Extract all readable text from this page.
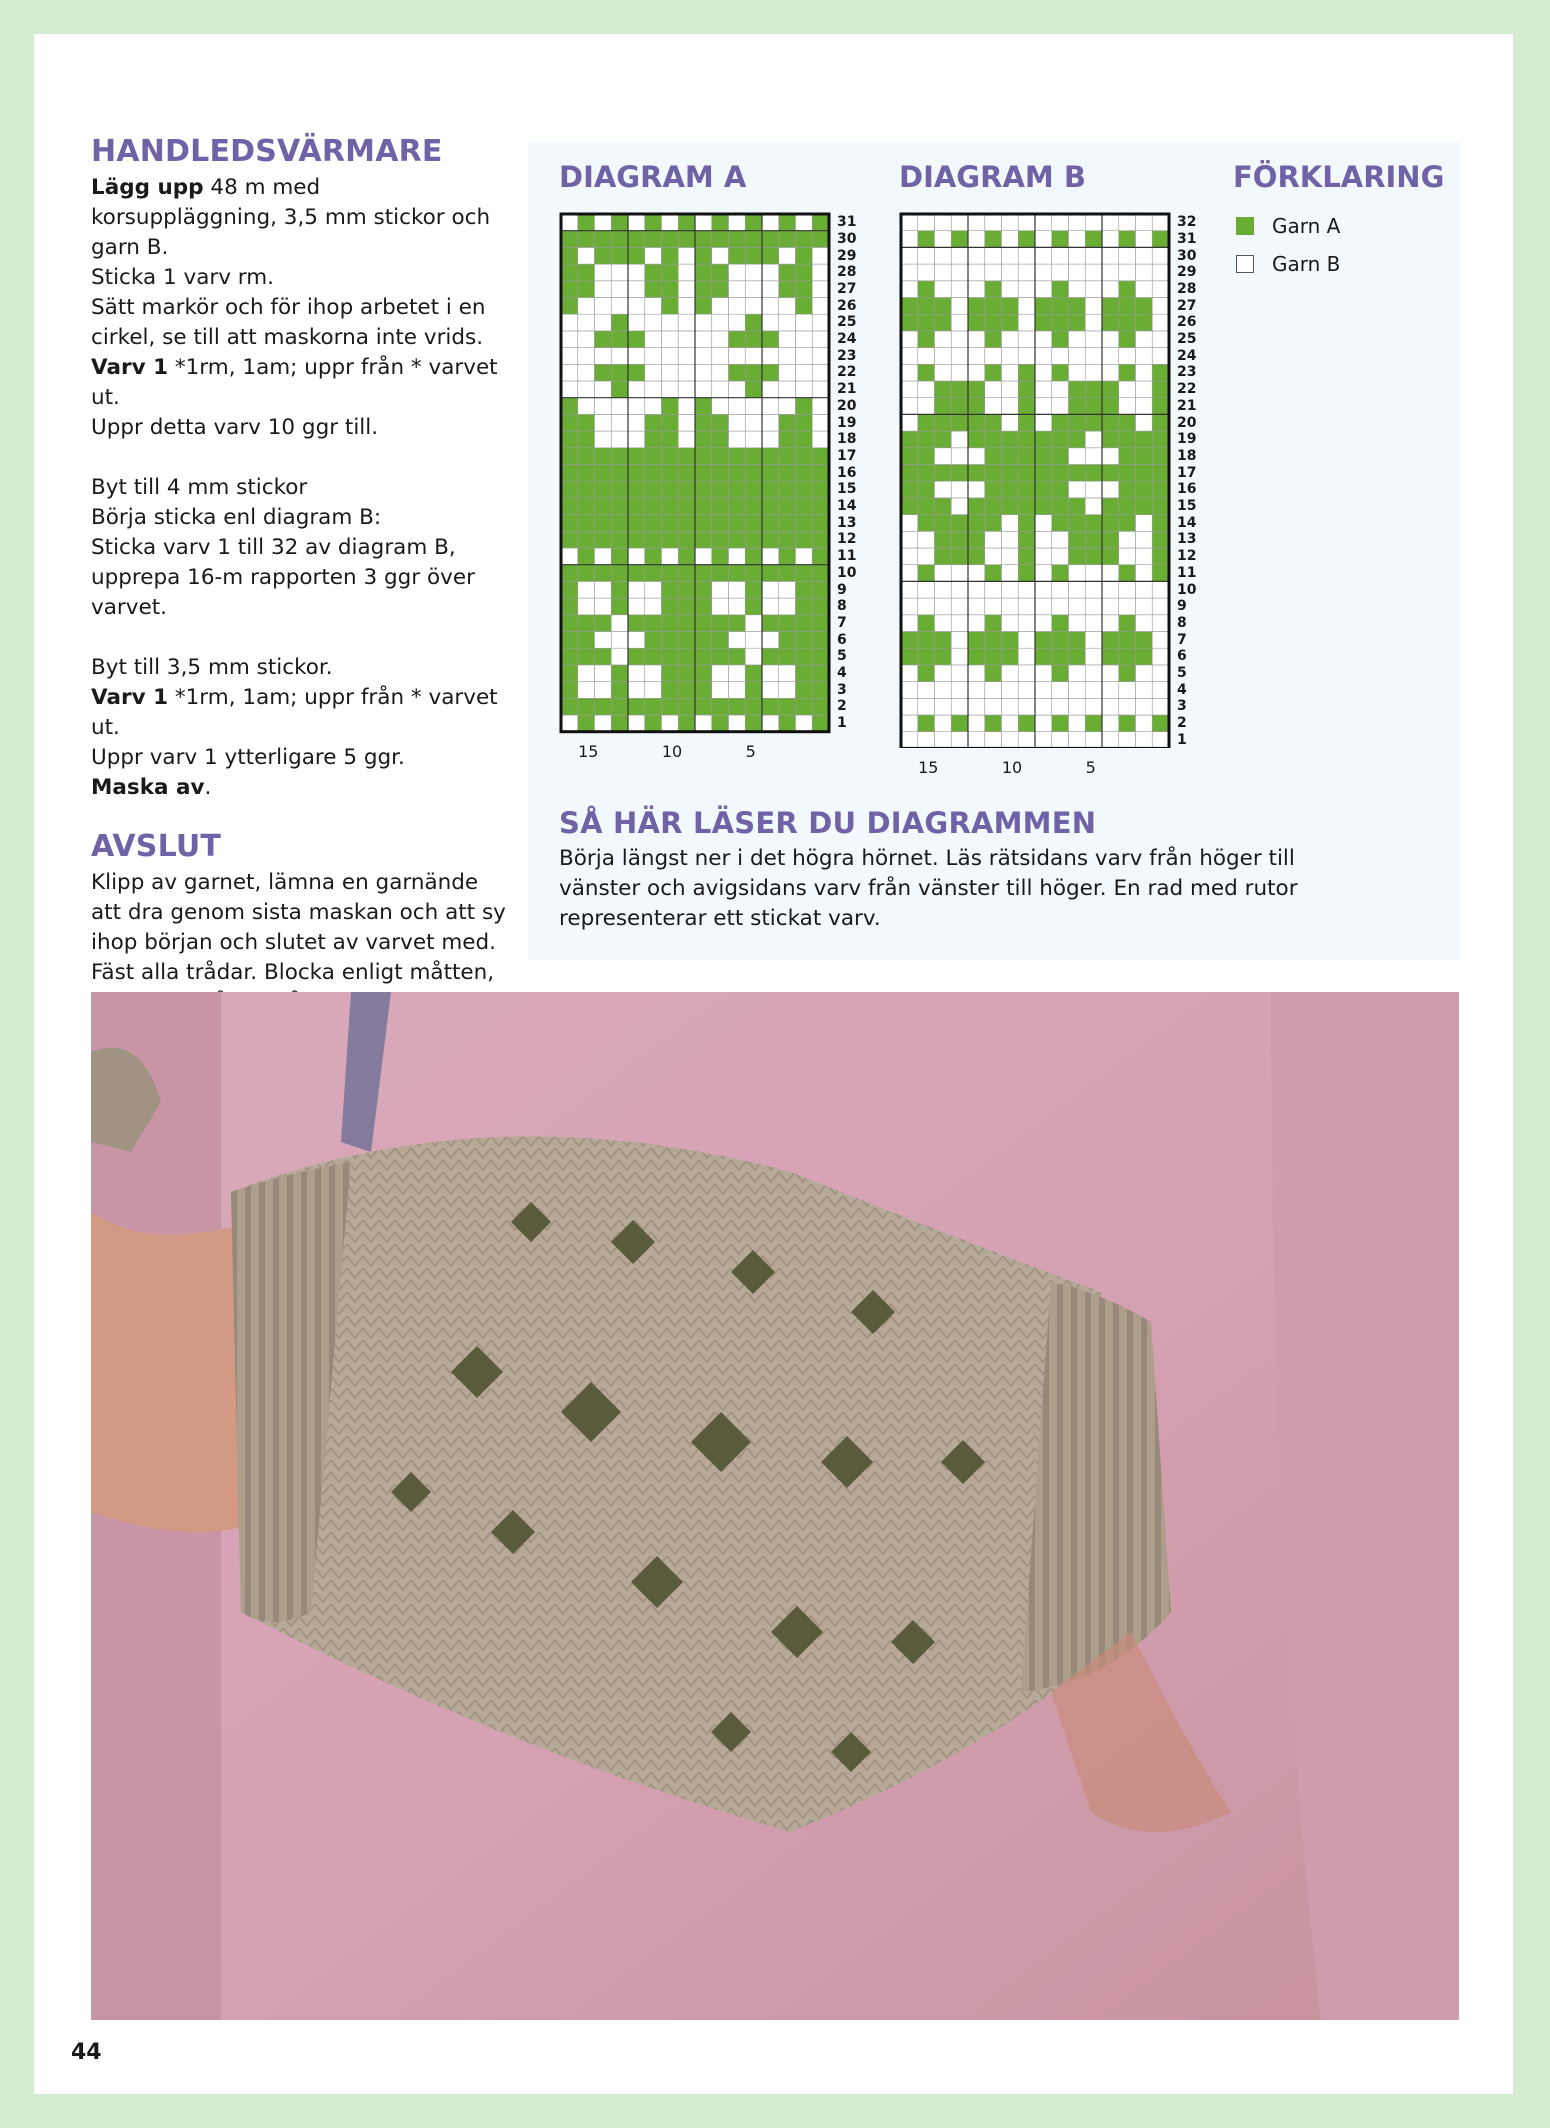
HANDLEDSVÄRMARE

Lägg upp 48 m med korsuppläggning, 3,5 mm stickor och garn B.

Sticka 1 varv rm.

Sätt markör och för ihop arbetet i en cirkel, se till att maskorna inte vrids.

Varv 1 *1rm, 1am; uppr från * varvet ut.

Uppr detta varv 10 ggr till.

Byt till 4 mm stickor

Börja sticka enl diagram B:

Sticka varv 1 till 32 av diagram B, upprepa 16-m rapporten 3 ggr över varvet.

Byt till 3,5 mm stickor.

Varv 1 *1rm, 1am; uppr från * varvet ut.

Uppr varv 1 ytterligare 5 ggr.

Maska av.

AVSLUT

Klipp av garnet, lämna en garnände att dra genom sista maskan och att sy ihop början och slutet av varvet med. Fäst alla trådar. Blocka enligt måtten,

DIAGRAM A	DIAGRAM B	FÖRKLARING
1
2
3
4
5
6
7
8
9
10
11
12
13
14
15
16
17
18
19
20
21
22
23
24
25
26
27
28
29
30
31
15	10	5
1
2
3
4
5
6
7
8
9
10
11
12
13
14
15
16
17
18
19
20
21
22
23
24
25
26
27
28
29
30
31
32
15	10	5
Garn A
Garn B
SÅ HÄR LÄSER DU DIAGRAMMEN

Börja längst ner i det högra hörnet. Läs rätsidans varv från höger till vänster och avigsidans varv från vänster till höger. En rad med rutor representerar ett stickat varv.

44
